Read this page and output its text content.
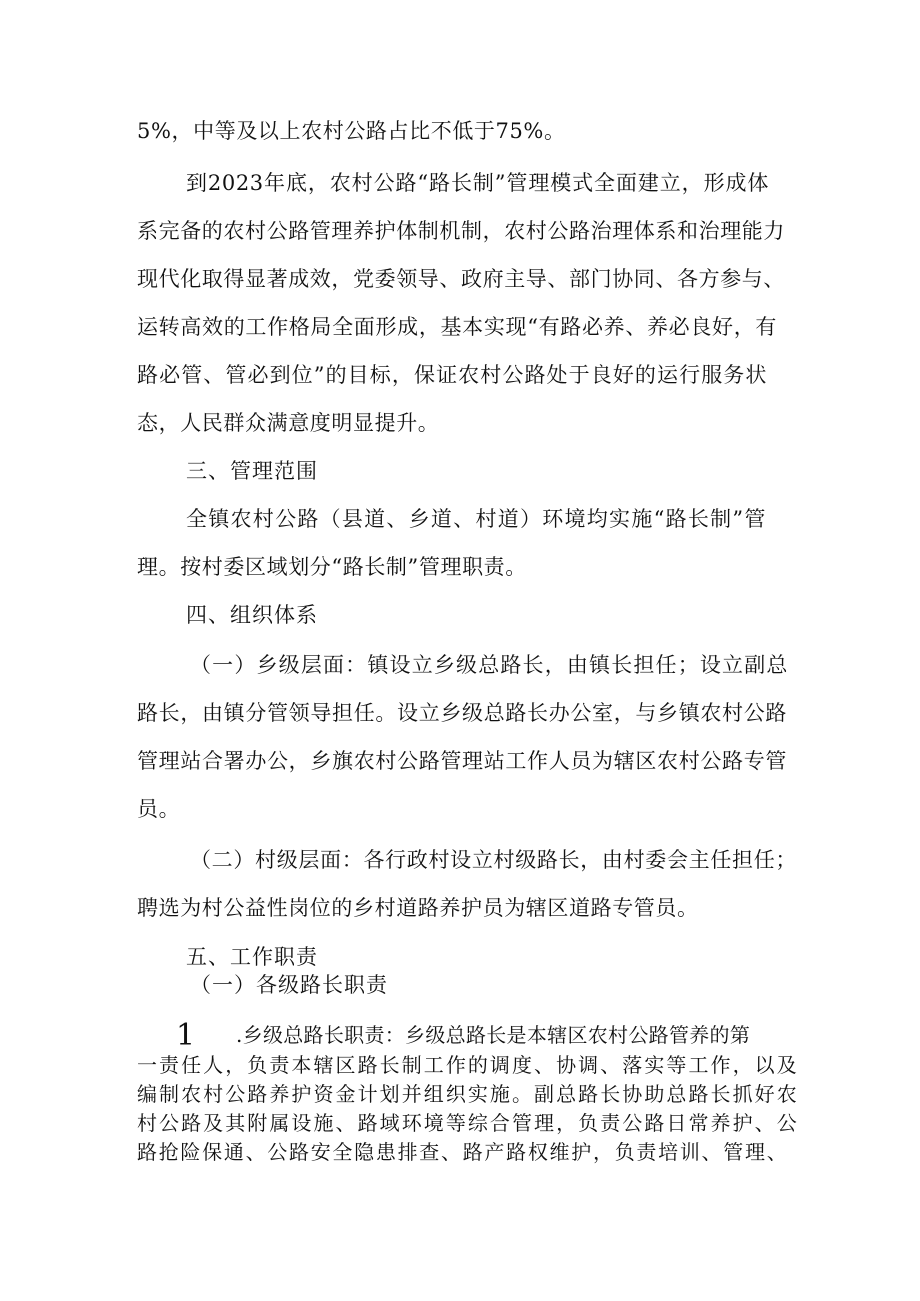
5%，中等及以上农村公路占比不低于75%。
到2023年底，农村公路“路长制”管理模式全面建立，形成体
系完备的农村公路管理养护体制机制，农村公路治理体系和治理能力
现代化取得显著成效，党委领导、政府主导、部门协同、各方参与、
运转高效的工作格局全面形成，基本实现“有路必养、养必良好，有
路必管、管必到位”的目标，保证农村公路处于良好的运行服务状
态，人民群众满意度明显提升。
三、管理范围
全镇农村公路（县道、乡道、村道）环境均实施“路长制”管
理。按村委区域划分“路长制”管理职责。
四、组织体系
（一）乡级层面：镇设立乡级总路长，由镇长担任；设立副总
路长，由镇分管领导担任。设立乡级总路长办公室，与乡镇农村公路
管理站合署办公，乡旗农村公路管理站工作人员为辖区农村公路专管
员。
（二）村级层面：各行政村设立村级路长，由村委会主任担任；
聘选为村公益性岗位的乡村道路养护员为辖区道路专管员。
五、工作职责
（一）各级路长职责
1 .乡级总路长职责：乡级总路长是本辖区农村公路管养的第
一责任人，负责本辖区路长制工作的调度、协调、落实等工作，以及
编制农村公路养护资金计划并组织实施。副总路长协助总路长抓好农
村公路及其附属设施、路域环境等综合管理，负责公路日常养护、公
路抢险保通、公路安全隐患排查、路产路权维护，负责培训、管理、
